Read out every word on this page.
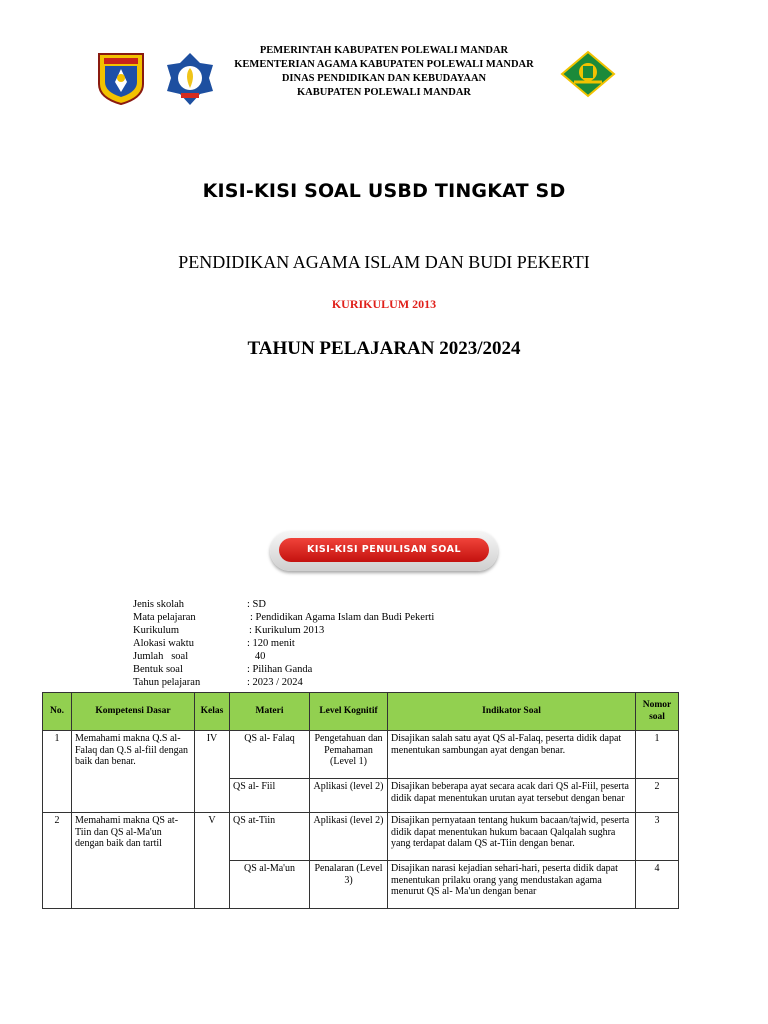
PEMERINTAH KABUPATEN POLEWALI MANDAR
KEMENTERIAN AGAMA KABUPATEN POLEWALI MANDAR
DINAS PENDIDIKAN DAN KEBUDAYAAN
KABUPATEN POLEWALI MANDAR
KISI-KISI SOAL USBD TINGKAT SD
PENDIDIKAN AGAMA ISLAM DAN BUDI PEKERTI
KURIKULUM 2013
TAHUN PELAJARAN 2023/2024
KISI-KISI PENULISAN SOAL
Jenis skolah	: SD
Mata pelajaran	: Pendidikan Agama Islam dan Budi Pekerti
Kurikulum	: Kurikulum 2013
Alokasi waktu	: 120 menit
Jumlah   soal	40
Bentuk soal	: Pilihan Ganda
Tahun pelajaran	: 2023 / 2024
No.	Kompetensi Dasar	Kelas	Materi	Level Kognitif	Indikator Soal	Nomor soal
1	Memahami makna Q.S al-Falaq dan Q.S al-fiil dengan baik dan benar.	IV	QS al- Falaq	Pengetahuan dan Pemahaman (Level 1)	Disajikan salah satu ayat QS al-Falaq, peserta didik dapat menentukan sambungan ayat dengan benar.	1
			QS al- Fiil	Aplikasi (level 2)	Disajikan beberapa ayat secara acak dari QS al-Fiil, peserta didik dapat menentukan urutan ayat tersebut dengan benar	2
2	Memahami makna QS at-Tiin dan QS al-Ma'un dengan baik dan tartil	V	QS at-Tiin	Aplikasi (level 2)	Disajikan pernyataan tentang hukum bacaan/tajwid, peserta didik dapat menentukan hukum bacaan Qalqalah sughra yang terdapat dalam QS at-Tiin dengan benar.	3
			QS al-Ma'un	Penalaran (Level 3)	Disajikan narasi kejadian sehari-hari, peserta didik dapat menentukan prilaku orang yang mendustakan agama menurut QS al- Ma'un dengan benar	4
